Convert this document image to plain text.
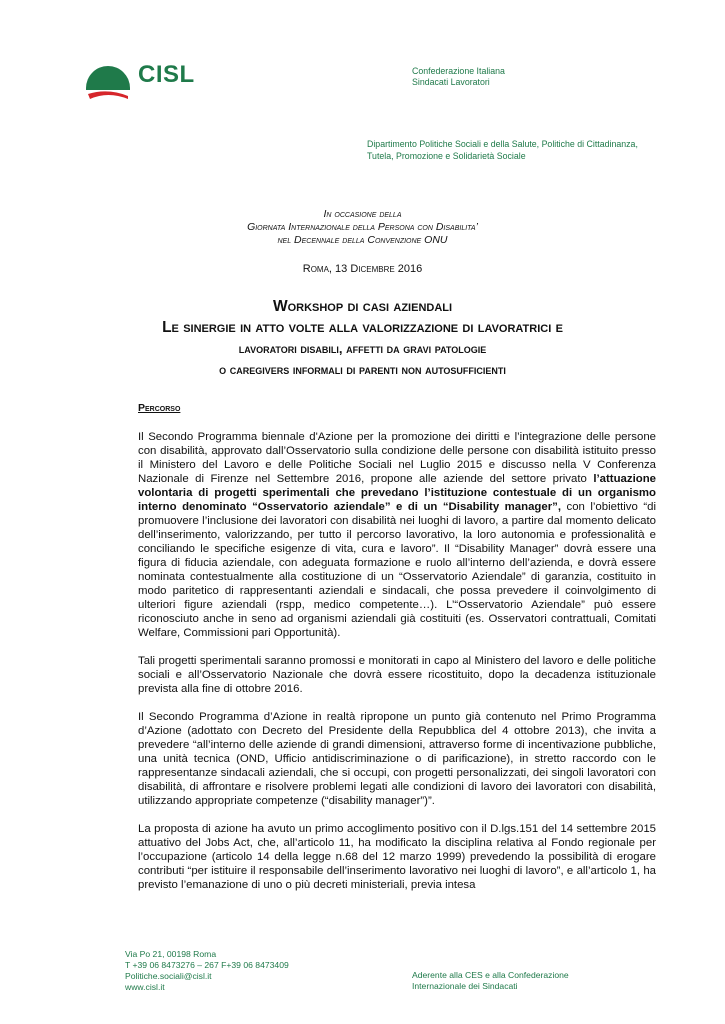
CISL	Confederazione Italiana
Sindacati Lavoratori
Dipartimento Politiche Sociali e della Salute, Politiche di Cittadinanza,
Tutela, Promozione e Solidarietà Sociale
In occasione della
Giornata Internazionale della Persona con Disabilita’
nel Decennale della Convenzione ONU
Roma, 13 Dicembre 2016
Workshop di casi aziendali
Le sinergie in atto volte alla valorizzazione di lavoratrici e
lavoratori disabili, affetti da gravi patologie
o caregivers informali di parenti non autosufficienti
Percorso

Il Secondo Programma biennale d'Azione per la promozione dei diritti e l’integrazione delle persone con disabilità, approvato dall’Osservatorio sulla condizione delle persone con disabilità istituito presso il Ministero del Lavoro e delle Politiche Sociali nel Luglio 2015 e discusso nella V Conferenza Nazionale di Firenze nel Settembre 2016, propone alle aziende del settore privato l’attuazione volontaria di progetti sperimentali che prevedano l’istituzione contestuale di un organismo interno denominato “Osservatorio aziendale” e di un “Disability manager”, con l’obiettivo “di promuovere l’inclusione dei lavoratori con disabilità nei luoghi di lavoro, a partire dal momento delicato dell’inserimento, valorizzando, per tutto il percorso lavorativo, la loro autonomia e professionalità e conciliando le specifiche esigenze di vita, cura e lavoro”. Il “Disability Manager” dovrà essere una figura di fiducia aziendale, con adeguata formazione e ruolo all’interno dell’azienda, e dovrà essere nominata contestualmente alla costituzione di un “Osservatorio Aziendale” di garanzia, costituito in modo paritetico di rappresentanti aziendali e sindacali, che possa prevedere il coinvolgimento di ulteriori figure aziendali (rspp, medico competente…). L’“Osservatorio Aziendale” può essere riconosciuto anche in seno ad organismi aziendali già costituiti (es. Osservatori contrattuali, Comitati Welfare, Commissioni pari Opportunità).

Tali progetti sperimentali saranno promossi e monitorati in capo al Ministero del lavoro e delle politiche sociali e all’Osservatorio Nazionale che dovrà essere ricostituito, dopo la decadenza istituzionale prevista alla fine di ottobre 2016.

Il Secondo Programma d’Azione in realtà ripropone un punto già contenuto nel Primo Programma d’Azione (adottato con Decreto del Presidente della Repubblica del 4 ottobre 2013), che invita a prevedere “all’interno delle aziende di grandi dimensioni, attraverso forme di incentivazione pubbliche, una unità tecnica (OND, Ufficio antidiscriminazione o di parificazione), in stretto raccordo con le rappresentanze sindacali aziendali, che si occupi, con progetti personalizzati, dei singoli lavoratori con disabilità, di affrontare e risolvere problemi legati alle condizioni di lavoro dei lavoratori con disabilità, utilizzando appropriate competenze (“disability manager”)”.

La proposta di azione ha avuto un primo accoglimento positivo con il D.lgs.151 del 14 settembre 2015 attuativo del Jobs Act, che, all’articolo 11, ha modificato la disciplina relativa al Fondo regionale per l’occupazione (articolo 14 della legge n.68 del 12 marzo 1999) prevedendo la possibilità di erogare contributi “per istituire il responsabile dell’inserimento lavorativo nei luoghi di lavoro”, e all’articolo 1, ha previsto l’emanazione di uno o più decreti ministeriali, previa intesa

Via Po 21, 00198 Roma
T +39 06 8473276 – 267 F+39 06 8473409
Politiche.sociali@cisl.it
www.cisl.it
Aderente alla CES e alla Confederazione
Internazionale dei Sindacati
